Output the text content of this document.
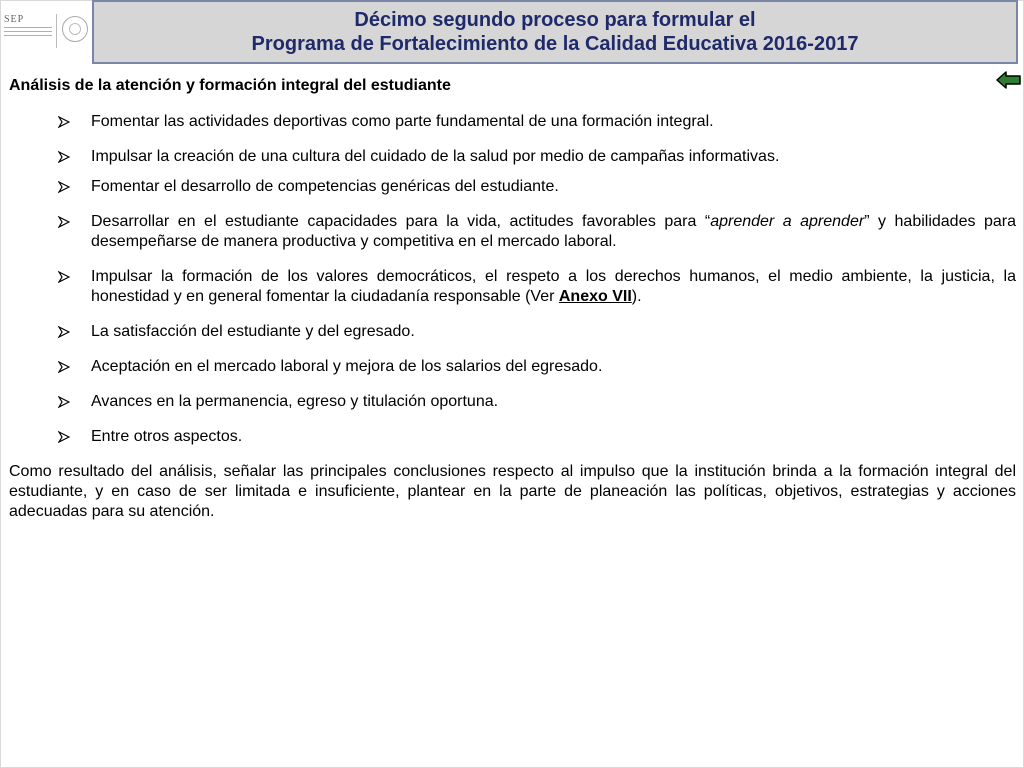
SEP	Décimo segundo proceso para formular el
Programa de Fortalecimiento de la Calidad Educativa 2016-2017

Análisis de la atención y formación integral del estudiante

Fomentar las actividades deportivas como parte fundamental de una formación integral.
Impulsar la creación de una cultura del cuidado de la salud por medio de campañas informativas.
Fomentar el desarrollo de competencias genéricas del estudiante.
Desarrollar en el estudiante capacidades para la vida, actitudes favorables para “aprender a aprender” y habilidades para desempeñarse de manera productiva y competitiva en el mercado laboral.
Impulsar la formación de los valores democráticos, el respeto a los derechos humanos, el medio ambiente, la justicia, la honestidad y en general fomentar la ciudadanía responsable (Ver Anexo VII).
La satisfacción del estudiante y del egresado.
Aceptación en el mercado laboral y mejora de los salarios del egresado.
Avances en la permanencia, egreso y titulación oportuna.
Entre otros aspectos.

Como resultado del análisis, señalar las principales conclusiones respecto al impulso que la institución brinda a la formación integral del estudiante, y en caso de ser limitada e insuficiente, plantear en la parte de planeación las políticas, objetivos, estrategias y acciones adecuadas para su atención.
